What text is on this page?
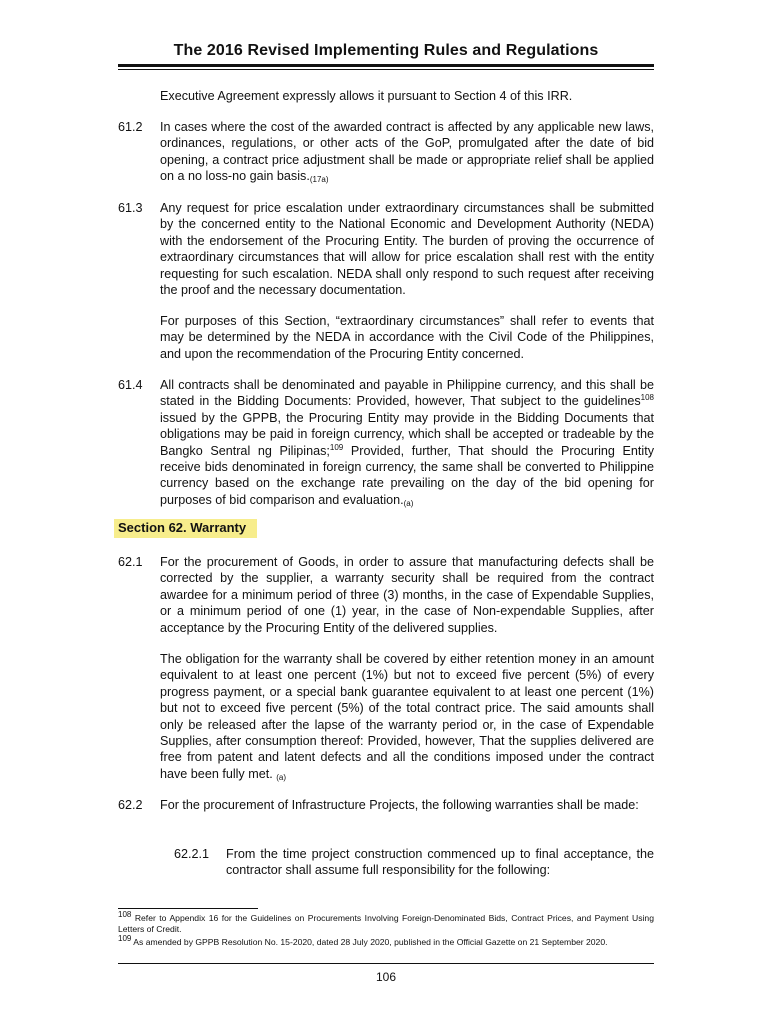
The 2016 Revised Implementing Rules and Regulations
Executive Agreement expressly allows it pursuant to Section 4 of this IRR.
61.2 In cases where the cost of the awarded contract is affected by any applicable new laws, ordinances, regulations, or other acts of the GoP, promulgated after the date of bid opening, a contract price adjustment shall be made or appropriate relief shall be applied on a no loss-no gain basis.(17a)
61.3 Any request for price escalation under extraordinary circumstances shall be submitted by the concerned entity to the National Economic and Development Authority (NEDA) with the endorsement of the Procuring Entity. The burden of proving the occurrence of extraordinary circumstances that will allow for price escalation shall rest with the entity requesting for such escalation. NEDA shall only respond to such request after receiving the proof and the necessary documentation.
For purposes of this Section, “extraordinary circumstances” shall refer to events that may be determined by the NEDA in accordance with the Civil Code of the Philippines, and upon the recommendation of the Procuring Entity concerned.
61.4 All contracts shall be denominated and payable in Philippine currency, and this shall be stated in the Bidding Documents: Provided, however, That subject to the guidelines$^{108}$ issued by the GPPB, the Procuring Entity may provide in the Bidding Documents that obligations may be paid in foreign currency, which shall be accepted or tradeable by the Bangko Sentral ng Pilipinas;$^{109}$ Provided, further, That should the Procuring Entity receive bids denominated in foreign currency, the same shall be converted to Philippine currency based on the exchange rate prevailing on the day of the bid opening for purposes of bid comparison and evaluation.(a)
Section 62. Warranty
62.1 For the procurement of Goods, in order to assure that manufacturing defects shall be corrected by the supplier, a warranty security shall be required from the contract awardee for a minimum period of three (3) months, in the case of Expendable Supplies, or a minimum period of one (1) year, in the case of Non-expendable Supplies, after acceptance by the Procuring Entity of the delivered supplies.
The obligation for the warranty shall be covered by either retention money in an amount equivalent to at least one percent (1%) but not to exceed five percent (5%) of every progress payment, or a special bank guarantee equivalent to at least one percent (1%) but not to exceed five percent (5%) of the total contract price. The said amounts shall only be released after the lapse of the warranty period or, in the case of Expendable Supplies, after consumption thereof: Provided, however, That the supplies delivered are free from patent and latent defects and all the conditions imposed under the contract have been fully met. (a)
62.2 For the procurement of Infrastructure Projects, the following warranties shall be made:
62.2.1 From the time project construction commenced up to final acceptance, the contractor shall assume full responsibility for the following:
108 Refer to Appendix 16 for the Guidelines on Procurements Involving Foreign-Denominated Bids, Contract Prices, and Payment Using Letters of Credit.
109 As amended by GPPB Resolution No. 15-2020, dated 28 July 2020, published in the Official Gazette on 21 September 2020.
106
